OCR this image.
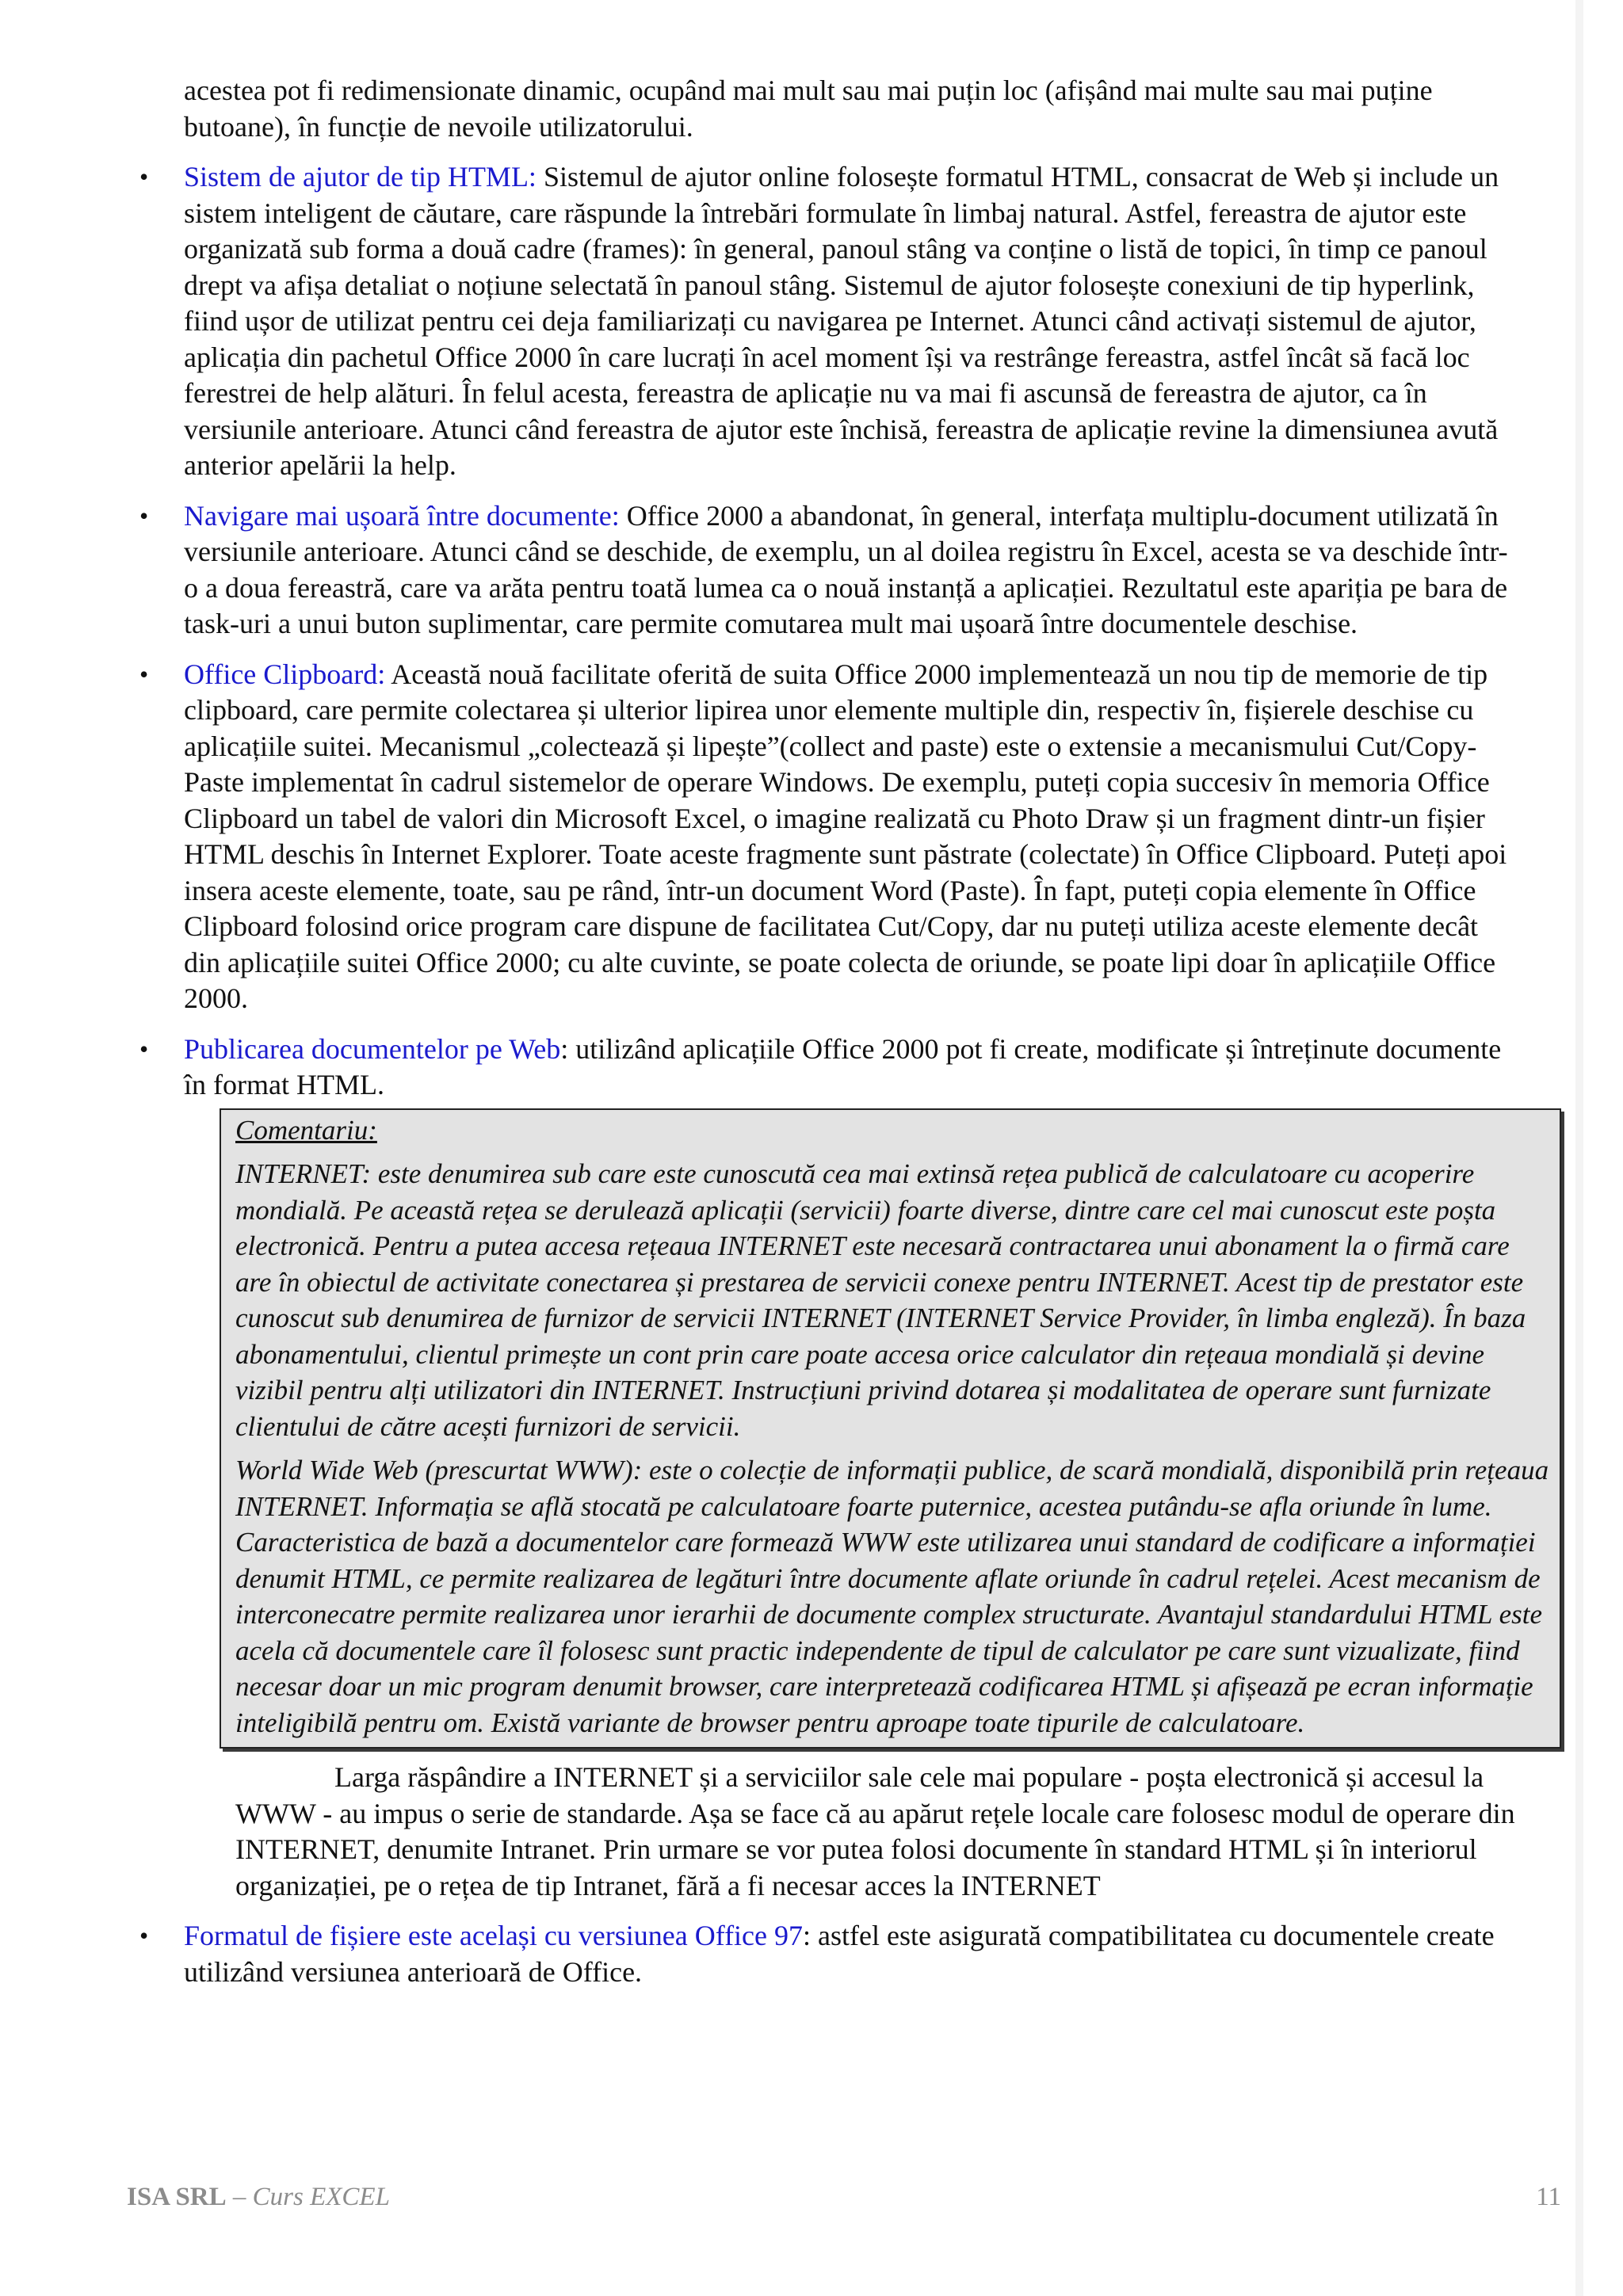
acestea pot fi redimensionate dinamic, ocupând mai mult sau mai puțin loc (afișând mai multe sau mai puține butoane), în funcție de nevoile utilizatorului.

• Sistem de ajutor de tip HTML: Sistemul de ajutor online folosește formatul HTML, consacrat de Web și include un sistem inteligent de căutare, care răspunde la întrebări formulate în limbaj natural. Astfel, fereastra de ajutor este organizată sub forma a două cadre (frames): în general, panoul stâng va conține o listă de topici, în timp ce panoul drept va afișa detaliat o noțiune selectată în panoul stâng. Sistemul de ajutor folosește conexiuni de tip hyperlink, fiind ușor de utilizat pentru cei deja familiarizați cu navigarea pe Internet. Atunci când activați sistemul de ajutor, aplicația din pachetul Office 2000 în care lucrați în acel moment își va restrânge fereastra, astfel încât să facă loc ferestrei de help alături. În felul acesta, fereastra de aplicație nu va mai fi ascunsă de fereastra de ajutor, ca în versiunile anterioare. Atunci când fereastra de ajutor este închisă, fereastra de aplicație revine la dimensiunea avută anterior apelării la help.
• Navigare mai ușoară între documente: Office 2000 a abandonat, în general, interfața multiplu-document utilizată în versiunile anterioare. Atunci când se deschide, de exemplu, un al doilea registru în Excel, acesta se va deschide într-o a doua fereastră, care va arăta pentru toată lumea ca o nouă instanță a aplicației. Rezultatul este apariția pe bara de task-uri a unui buton suplimentar, care permite comutarea mult mai ușoară între documentele deschise.
• Office Clipboard: Această nouă facilitate oferită de suita Office 2000 implementează un nou tip de memorie de tip clipboard, care permite colectarea și ulterior lipirea unor elemente multiple din, respectiv în, fișierele deschise cu aplicațiile suitei. Mecanismul „colectează și lipește”(collect and paste) este o extensie a mecanismului Cut/Copy-Paste implementat în cadrul sistemelor de operare Windows. De exemplu, puteți copia succesiv în memoria Office Clipboard un tabel de valori din Microsoft Excel, o imagine realizată cu Photo Draw și un fragment dintr-un fișier HTML deschis în Internet Explorer. Toate aceste fragmente sunt păstrate (colectate) în Office Clipboard. Puteți apoi insera aceste elemente, toate, sau pe rând, într-un document Word (Paste). În fapt, puteți copia elemente în Office Clipboard folosind orice program care dispune de facilitatea Cut/Copy, dar nu puteți utiliza aceste elemente decât din aplicațiile suitei Office 2000; cu alte cuvinte, se poate colecta de oriunde, se poate lipi doar în aplicațiile Office 2000.
• Publicarea documentelor pe Web: utilizând aplicațiile Office 2000 pot fi create, modificate și întreținute documente în format HTML.

Comentariu:

INTERNET: este denumirea sub care este cunoscută cea mai extinsă rețea publică de calculatoare cu acoperire mondială. Pe această rețea se derulează aplicații (servicii) foarte diverse, dintre care cel mai cunoscut este poșta electronică. Pentru a putea accesa rețeaua INTERNET este necesară contractarea unui abonament la o firmă care are în obiectul de activitate conectarea și prestarea de servicii conexe pentru INTERNET. Acest tip de prestator este cunoscut sub denumirea de furnizor de servicii INTERNET (INTERNET Service Provider, în limba engleză). În baza abonamentului, clientul primește un cont prin care poate accesa orice calculator din rețeaua mondială și devine vizibil pentru alți utilizatori din INTERNET. Instrucțiuni privind dotarea și modalitatea de operare sunt furnizate clientului de către acești furnizori de servicii.

World Wide Web (prescurtat WWW): este o colecție de informații publice, de scară mondială, disponibilă prin rețeaua INTERNET. Informația se află stocată pe calculatoare foarte puternice, acestea putându-se afla oriunde în lume. Caracteristica de bază a documentelor care formează WWW este utilizarea unui standard de codificare a informației denumit HTML, ce permite realizarea de legături între documente aflate oriunde în cadrul rețelei. Acest mecanism de interconecatre permite realizarea unor ierarhii de documente complex structurate. Avantajul standardului HTML este acela că documentele care îl folosesc sunt practic independente de tipul de calculator pe care sunt vizualizate, fiind necesar doar un mic program denumit browser, care interpretează codificarea HTML și afișează pe ecran informație inteligibilă pentru om. Există variante de browser pentru aproape toate tipurile de calculatoare.

Larga răspândire a INTERNET și a serviciilor sale cele mai populare - poșta electronică și accesul la WWW - au impus o serie de standarde. Așa se face că au apărut rețele locale care folosesc modul de operare din INTERNET, denumite Intranet. Prin urmare se vor putea folosi documente în standard HTML și în interiorul organizației, pe o rețea de tip Intranet, fără a fi necesar acces la INTERNET

• Formatul de fișiere este același cu versiunea Office 97: astfel este asigurată compatibilitatea cu documentele create utilizând versiunea anterioară de Office.
ISA SRL – Curs EXCEL	11
